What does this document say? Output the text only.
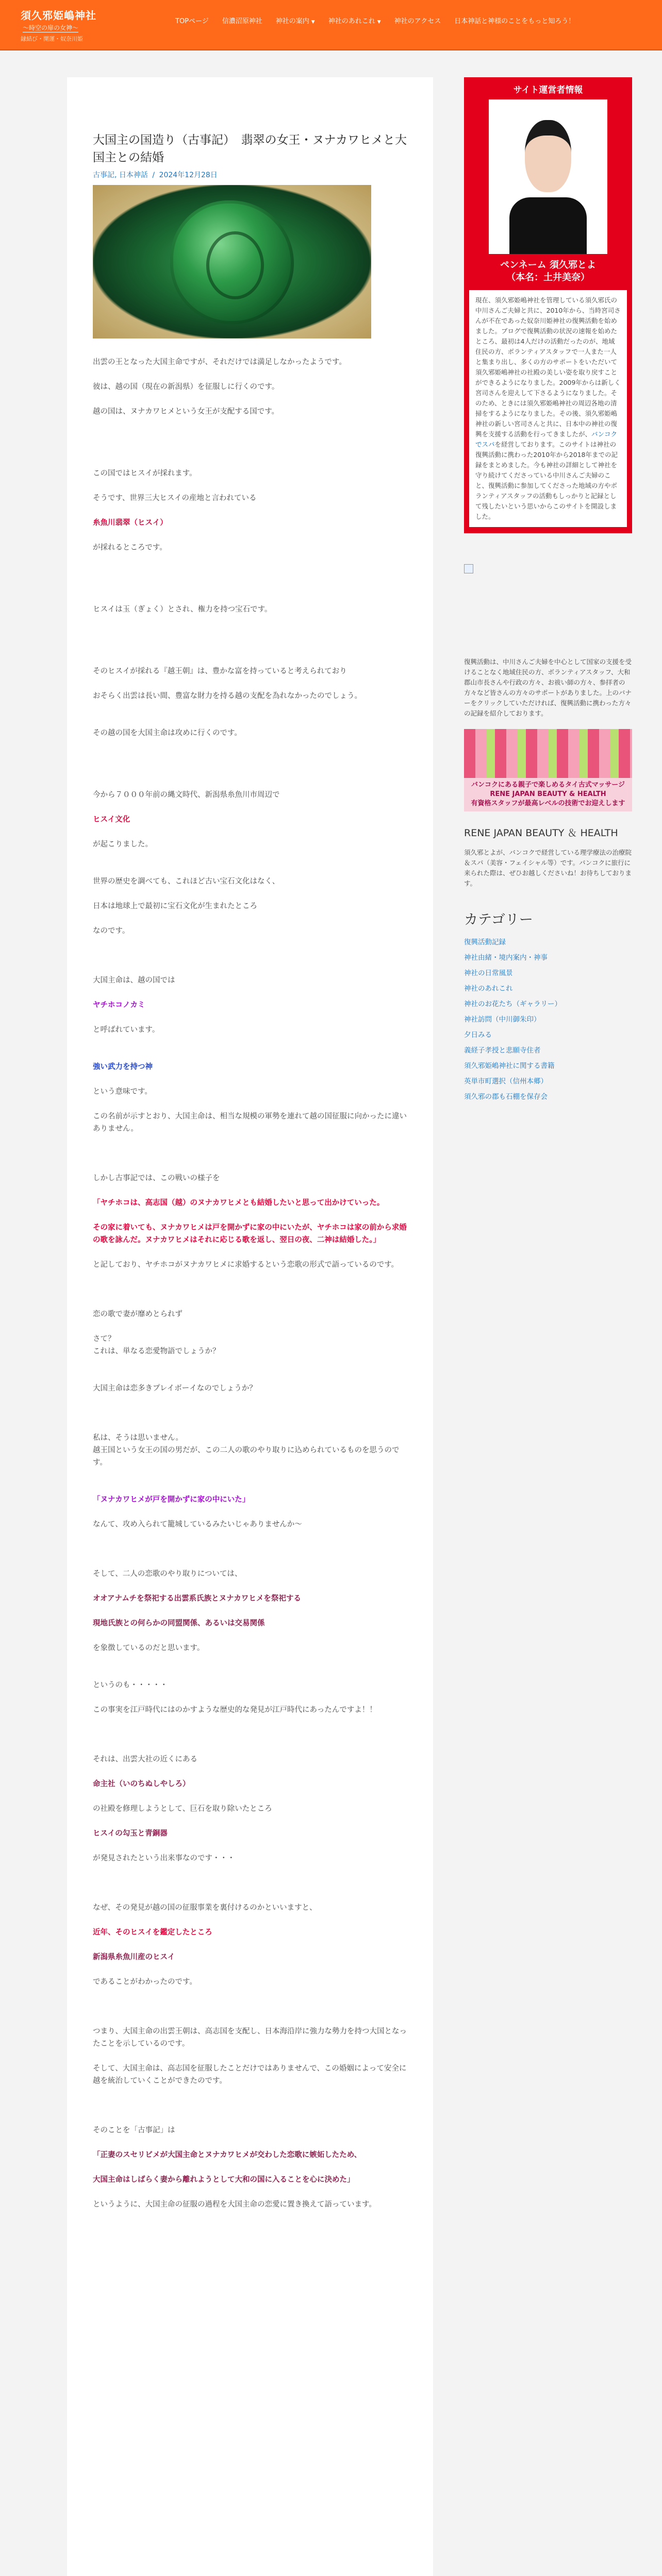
須久邪姫嶋神社 ～時空の扉の女神～
縁結び・開運・奴奈川姫
TOPページ 信濃沼原神社 神社の案内 ▼ 神社のあれこれ ▼ 神社のアクセス 日本神話と神様のことをもっと知ろう！
大国主の国造り（古事記）　翡翠の女王・ヌナカワヒメと大国主との結婚
古事記, 日本神話 / 2024年12月28日

出雲の王となった大国主命ですが、それだけでは満足しなかったようです。

彼は、越の国（現在の新潟県）を征服しに行くのです。

越の国は、ヌナカワヒメという女王が支配する国です。

この国ではヒスイが採れます。

そうです、世界三大ヒスイの産地と言われている

糸魚川翡翠（ヒスイ）

が採れるところです。

ヒスイは玉（ぎょく）とされ、権力を持つ宝石です。

そのヒスイが採れる『越王朝』は、豊かな富を持っていると考えられており

おそらく出雲は長い間、豊富な財力を持る越の支配を為れなかったのでしょう。

その越の国を大国主命は攻めに行くのです。

今から７０００年前の縄文時代、新潟県糸魚川市周辺で

ヒスイ文化

が起こりました。

世界の歴史を調べても、これほど古い宝石文化はなく、

日本は地球上で最初に宝石文化が生まれたところ

なのです。

大国主命は、越の国では

ヤチホコノカミ

と呼ばれています。

強い武力を持つ神

という意味です。

この名前が示すとおり、大国主命は、相当な規模の軍勢を連れて越の国征服に向かったに違いありません。

しかし古事記では、この戦いの様子を

「ヤチホコは、高志国（越）のヌナカワヒメとも結婚したいと思って出かけていった。

その家に着いても、ヌナカワヒメは戸を開かずに家の中にいたが、ヤチホコは家の前から求婚の歌を詠んだ。ヌナカワヒメはそれに応じる歌を返し、翌日の夜、二神は結婚した。」

と記しており、ヤチホコがヌナカワヒメに求婚するという恋歌の形式で語っているのです。

恋の歌で妻が靡めとられず

さて？

これは、単なる恋愛物語でしょうか？

大国主命は恋多きプレイボーイなのでしょうか？

私は、そうは思いません。

越王国という女王の国の男だが、この二人の歌のやり取りに込められているものを思うのです。

「ヌナカワヒメが戸を開かずに家の中にいた」

なんて、攻め入られて籠城しているみたいじゃありませんか～

そして、二人の恋歌のやり取りについては、

オオアナムチを祭祀する出雲系氏族とヌナカワヒメを祭祀する

現地氏族との何らかの同盟関係、あるいは交易関係

を象徴しているのだと思います。

というのも・・・・・

この事実を江戸時代にはのかすような歴史的な発見が江戸時代にあったんですよ！！

それは、出雲大社の近くにある

命主社（いのちぬしやしろ）

の社殿を修理しようとして、巨石を取り除いたところ

ヒスイの勾玉と青銅器

が発見されたという出来事なのです・・・

なぜ、その発見が越の国の征服事業を裏付けるのかといいますと、

近年、そのヒスイを鑑定したところ

新潟県糸魚川産のヒスイ

であることがわかったのです。

つまり、大国主命の出雲王朝は、高志国を支配し、日本海沿岸に強力な勢力を持つ大国となったことを示しているのです。

そして、大国主命は、高志国を征服したことだけではありませんで、この婚姻によって安全に越を統治していくことができたのです。

そのことを「古事記」は

「正妻のスセリビメが大国主命とヌナカワヒメが交わした恋歌に嫉妬したため、

大国主命はしばらく妻から離れようとして大和の国に入ることを心に決めた」

というように、大国主命の征服の過程を大国主命の恋愛に置き換えて語っています。

サイト運営者情報
ペンネーム 須久邪とよ
（本名：土井美奈）
現在、須久邪姫嶋神社を管理している須久邪氏の中川さんご夫婦と共に、2010年から、当時宮司さんが不在であった奴奈川姫神社の復興活動を始めました。ブログで復興活動の状況の速報を始めたところ、最初は4人だけの活動だったのが、地域住民の方、ボランティアスタッフで一人また一人と集まり出し、多くの方のサポートをいただいて須久邪姫嶋神社の社殿の美しい姿を取り戻すことができるようになりました。2009年からは新しく宮司さんを迎えして下さるようになりました。そのため、ときには須久邪姫嶋神社の周辺各地の清掃をするようになりました。その後、須久邪姫嶋神社の新しい宮司さんと共に、日本中の神社の復興を支援する活動を行ってきましたが、バンコクでスパを経営しております。このサイトは神社の復興活動に携わった2010年から2018年までの記録をまとめました。今も神社の詳細として神社を守り続けてくださっている中川さんご夫婦のこと、復興活動に参加してくださった地域の方やボランティアスタッフの活動もしっかりと記録として残したいという思いからこのサイトを開設しました。
復興活動は、中川さんご夫婦を中心として国家の支援を受けることなく地域住民の方、ボランティアスタッフ、大和郡山市長さんや行政の方々、お祓い師の方々、参拝者の方々など皆さんの方々のサポートがありました。上のバナーをクリックしていただければ、復興活動に携わった方々の記録を紹介しております。
バンコクにある親子で楽しめるタイ古式マッサージ
RENE JAPAN BEAUTY & HEALTH
有資格スタッフが最高レベルの技術でお迎えします
RENE JAPAN BEAUTY ＆ HEALTH
須久邪とよが、バンコクで経営している理学療法の治療院＆スパ（美容・フェイシャル等）です。バンコクに旅行に来られた際は、ぜひお越しくださいね！お待ちしております。
カテゴリー
復興活動記録
神社由緒・境内案内・神事
神社の日常風景
神社のあれこれ
神社のお花たち（ギャラリー）
神社訪問（中川御朱印）
夕日みる
義経子孝授と悲願寺住者
須久邪姫嶋神社に関する書籍
英単市町選択（信州本郷）
須久邪の郡も石棚を保存会
